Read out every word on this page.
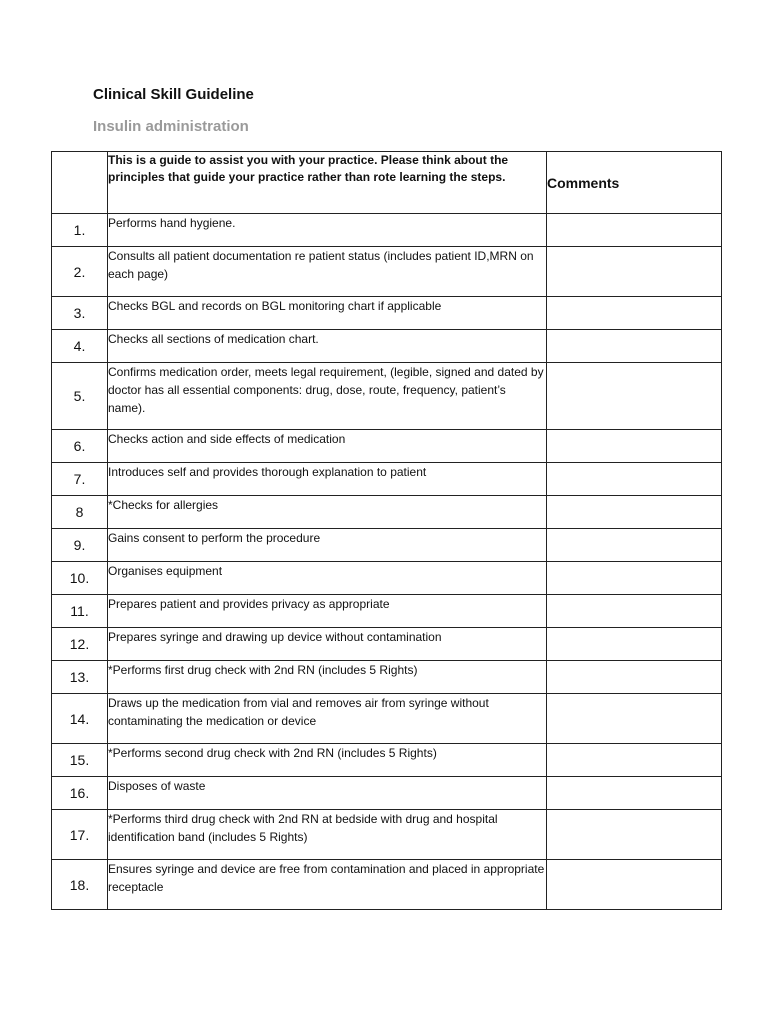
Clinical Skill Guideline
Insulin administration
	This is a guide to assist you with your practice. Please think about the principles that guide your practice rather than rote learning the steps.	Comments
1.	Performs hand hygiene.	
2.	Consults all patient documentation re patient status (includes patient ID,MRN on each page)	
3.	Checks BGL and records on BGL monitoring chart if applicable	
4.	Checks all sections of medication chart.	
5.	Confirms medication order, meets legal requirement, (legible, signed and dated by doctor has all essential components: drug, dose, route, frequency, patient’s name).	
6.	Checks action and side effects of medication	
7.	Introduces self and provides thorough explanation to patient	
8	*Checks for allergies	
9.	Gains consent to perform the procedure	
10.	Organises equipment	
11.	Prepares patient and provides privacy as appropriate	
12.	Prepares syringe and drawing up device without contamination	
13.	*Performs first drug check with 2nd RN (includes 5 Rights)	
14.	Draws up the medication from vial and removes air from syringe without contaminating the medication or device	
15.	*Performs second drug check with 2nd RN (includes 5 Rights)	
16.	Disposes of waste	
17.	*Performs third drug check with 2nd RN at bedside with drug and hospital identification band (includes 5 Rights)	
18.	Ensures syringe and device are free from contamination and placed in appropriate receptacle	
